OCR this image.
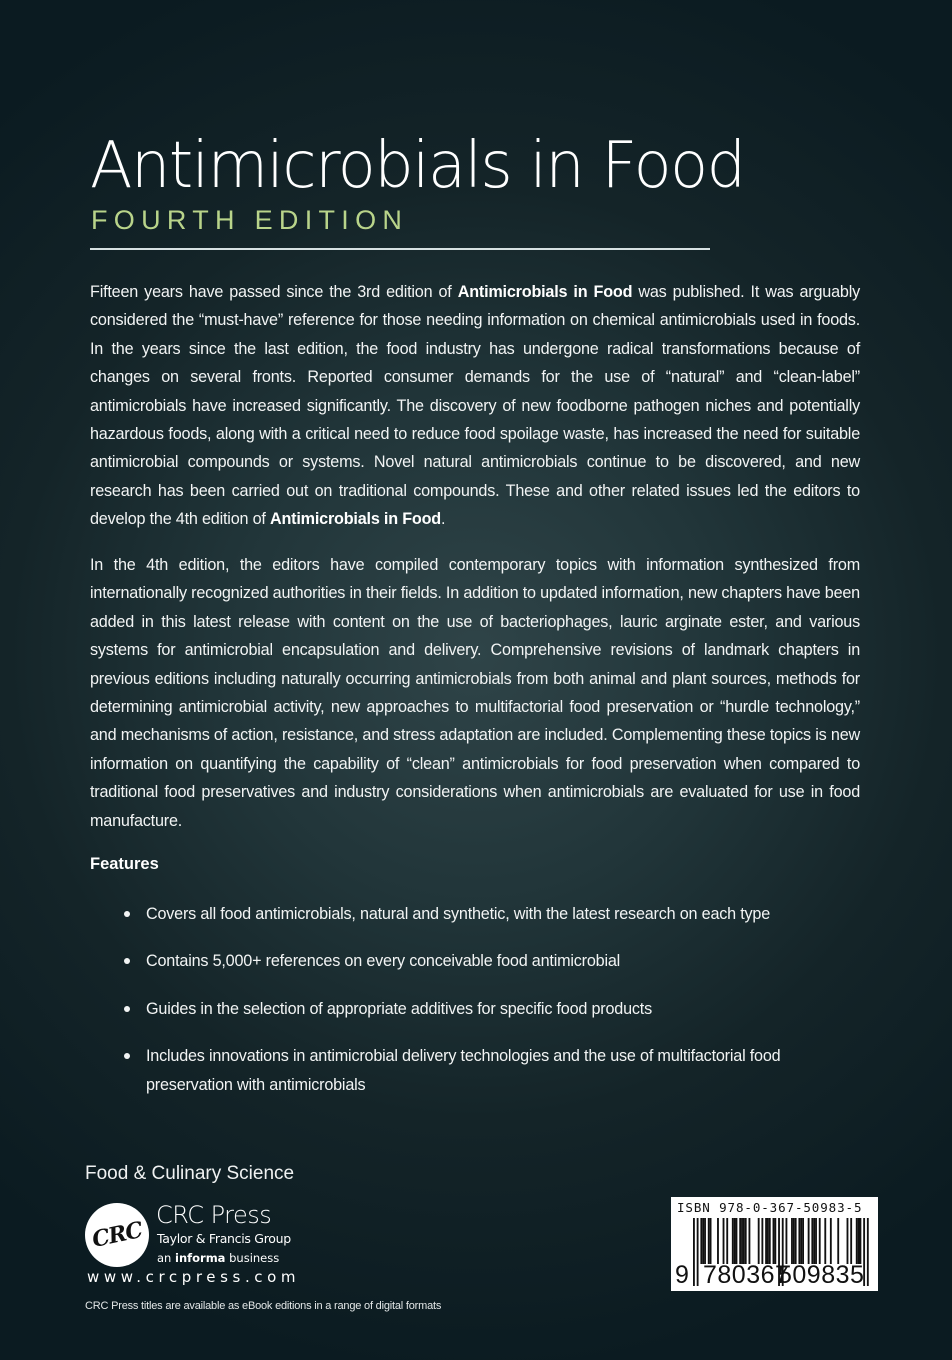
Antimicrobials in Food
FOURTH EDITION
Fifteen years have passed since the 3rd edition of Antimicrobials in Food was published. It was arguably considered the “must-have” reference for those needing information on chemical antimicrobials used in foods. In the years since the last edition, the food industry has undergone radical transformations because of changes on several fronts. Reported consumer demands for the use of “natural” and “clean-label” antimicrobials have increased significantly. The discovery of new foodborne pathogen niches and potentially hazardous foods, along with a critical need to reduce food spoilage waste, has increased the need for suitable antimicrobial compounds or systems. Novel natural antimicrobials continue to be discovered, and new research has been carried out on traditional compounds. These and other related issues led the editors to develop the 4th edition of Antimicrobials in Food.
In the 4th edition, the editors have compiled contemporary topics with information synthesized from internationally recognized authorities in their fields. In addition to updated information, new chapters have been added in this latest release with content on the use of bacteriophages, lauric arginate ester, and various systems for antimicrobial encapsulation and delivery. Comprehensive revisions of landmark chapters in previous editions including naturally occurring antimicrobials from both animal and plant sources, methods for determining antimicrobial activity, new approaches to multifactorial food preservation or “hurdle technology,” and mechanisms of action, resistance, and stress adaptation are included. Complementing these topics is new information on quantifying the capability of “clean” antimicrobials for food preservation when compared to traditional food preservatives and industry considerations when antimicrobials are evaluated for use in food manufacture.
Features
Covers all food antimicrobials, natural and synthetic, with the latest research on each type
Contains 5,000+ references on every conceivable food antimicrobial
Guides in the selection of appropriate additives for specific food products
Includes innovations in antimicrobial delivery technologies and the use of multifactorial food preservation with antimicrobials
Food & Culinary Science
CRC
CRC Press
Taylor & Francis Group
an informa business
www.crcpress.com
CRC Press titles are available as eBook editions in a range of digital formats
ISBN 978-0-367-50983-5
9 780367
509835
